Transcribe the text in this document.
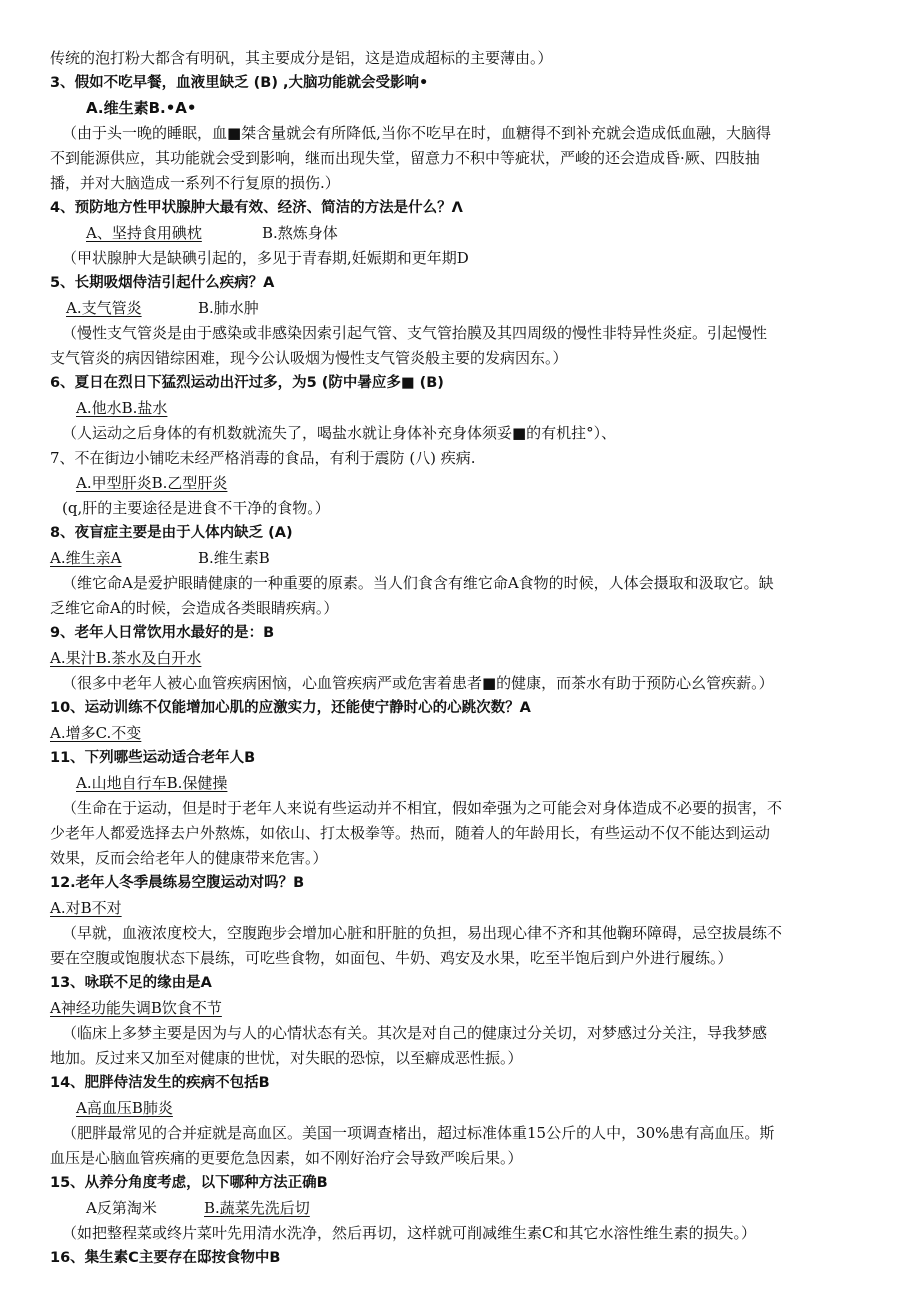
传统的泡打粉大都含有明矾，其主要成分是铝，这是造成超标的主要薄由。）
3、假如不吃早餐，血液里缺乏 (B) ,大脑功能就会受影响•
A.维生素B.•A•
（由于头一晚的睡眠，血■桀含量就会有所降低,当你不吃早在时，血糖得不到补充就会造成低血融，大脑得
不到能源供应，其功能就会受到影响，继而出现失堂，留意力不积中等疵状，严峻的还会造成昏·厥、四肢抽
播，并对大脑造成一系列不行复原的损伤.）
4、预防地方性甲状腺肿大最有效、经济、简洁的方法是什么？Λ
A、坚持食用碘枕	B.熬炼身体
（甲状腺肿大是缺碘引起的，多见于青春期,妊娠期和更年期D
5、长期吸烟侍洁引起什么疾病？A
A.支气管炎	B.肺水肿
（慢性支气管炎是由于感染或非感染因索引起气管、支气管抬膜及其四周级的慢性非特异性炎症。引起慢性
支气管炎的病因错综困难，现今公认吸烟为慢性支气管炎般主要的发病因东。）
6、夏日在烈日下猛烈运动出汗过多，为5 (防中暑应多■ (B)
A.他水B.盐水
（人运动之后身体的有机数就流失了，喝盐水就让身体补充身体须妥■的有机拄°）、
7、不在街边小铺吃未经严格消毒的食品，有利于震防 (八) 疾病.
A.甲型肝炎B.乙型肝炎
(q,肝的主要途径是进食不干净的食物。）
8、夜盲症主要是由于人体内缺乏 (A)
A.维生亲A	B.维生素B
（维它命A是爱护眼睛健康的一种重要的原素。当人们食含有维它命A食物的时候，人体会摄取和汲取它。缺
乏维它命A的时候，会造成各类眼睛疾病。）
9、老年人日常饮用水最好的是：B
A.果汁B.茶水及白开水
（很多中老年人被心血管疾病困恼，心血管疾病严或危害着患者■的健康，而茶水有助于预防心幺管疾薪。）
10、运动训练不仅能增加心肌的应激实力，还能使宁静时心的心跳次数？A
A.增多C.不变
11、下列哪些运动适合老年人B
A.山地自行车B.保健操
（生命在于运动，但是时于老年人来说有些运动并不相宜，假如牵强为之可能会对身体造成不必要的损害，不
少老年人都爱选择去户外熬炼，如依山、打太极拳等。热而，随着人的年龄用长，有些运动不仅不能达到运动
效果，反而会给老年人的健康带来危害。）
12.老年人冬季晨练易空腹运动对吗？B
A.对B不对
（早就，血液浓度校大，空腹跑步会增加心脏和肝脏的负担，易出现心律不齐和其他鞠环障碍，忌空拔晨练不
要在空腹或饱腹状态下晨练，可吃些食物，如面包、牛奶、鸡安及水果，吃至半饱后到户外进行履练。）
13、咏联不足的缘由是A
A神经功能失调B饮食不节
（临床上多梦主要是因为与人的心情状态有关。其次是对自己的健康过分关切，对梦感过分关注，导我梦感
地加。反过来又加至对健康的世忧，对失眠的恐惊，以至癖成恶性振。）
14、肥胖侍洁发生的疾病不包括B
A高血压B肺炎
（肥胖最常见的合并症就是高血区。美国一项调查楮出，超过标准体重15公斤的人中，30%患有高血压。斯
血压是心脑血管疾痛的更要危急因素，如不刚好治疗会导致严唉后果。）
15、从养分角度考虑，以下哪种方法正确B
A反第淘米	B.蔬菜先洗后切
（如把整程菜或终片菜叶先用清水洗净，然后再切，这样就可削减维生素C和其它水溶性维生素的损失。）
16、集生素C主要存在邸按食物中B
